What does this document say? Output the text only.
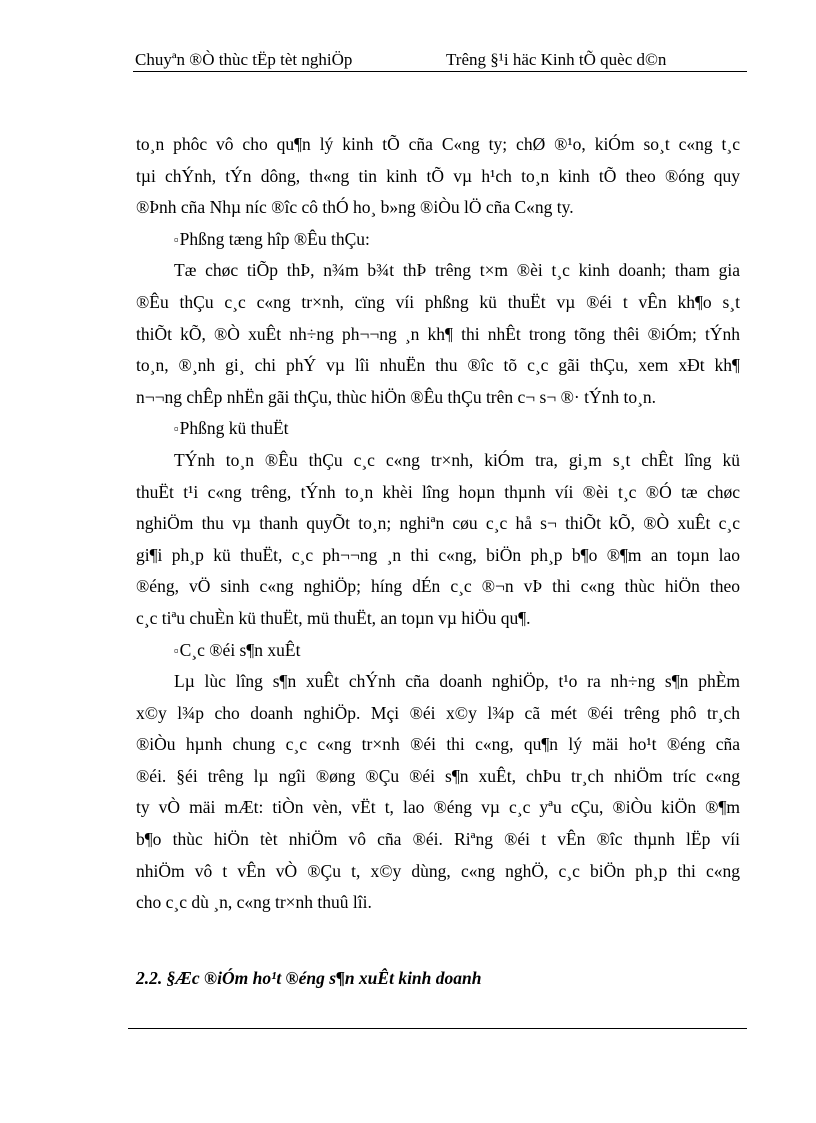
Chuyªn ®Ò thùc tËp tèt nghiÖp	Trêng §¹i häc Kinh tÕ quèc d©n
to¸n phôc vô cho qu¶n lý kinh tÕ cña C«ng ty; chØ ®¹o, kiÓm so¸t c«ng t¸c
tµi chÝnh, tÝn dông, th«ng tin kinh tÕ vµ h¹ch to¸n kinh tÕ theo ®óng quy
®Þnh cña Nhµ níc ®îc cô thÓ ho¸ b»ng ®iÒu lÖ cña C«ng ty.
▫Phßng tæng hîp ®Êu thÇu:
Tæ chøc tiÕp thÞ, n¾m b¾t thÞ trêng t×m ®èi t¸c kinh doanh; tham gia
®Êu thÇu c¸c c«ng tr×nh, cïng víi phßng kü thuËt vµ ®éi t vÊn kh¶o s¸t
thiÕt kÕ, ®Ò xuÊt nh÷ng ph¬¬ng ¸n kh¶ thi nhÊt trong tõng thêi ®iÓm; tÝnh
to¸n, ®¸nh gi¸ chi phÝ vµ lîi nhuËn thu ®îc tõ c¸c gãi thÇu, xem xÐt kh¶
n¬¬ng chÊp nhËn gãi thÇu, thùc hiÖn ®Êu thÇu trên c¬ s¬ ®· tÝnh to¸n.
▫Phßng kü thuËt
TÝnh to¸n ®Êu thÇu c¸c c«ng tr×nh, kiÓm tra, gi¸m s¸t chÊt lîng kü
thuËt t¹i c«ng trêng, tÝnh to¸n khèi lîng hoµn thµnh víi ®èi t¸c ®Ó tæ chøc
nghiÖm thu vµ thanh quyÕt to¸n; nghiªn cøu c¸c hå s¬ thiÕt kÕ, ®Ò xuÊt c¸c
gi¶i ph¸p kü thuËt, c¸c ph¬¬ng ¸n thi c«ng, biÖn ph¸p b¶o ®¶m an toµn lao
®éng, vÖ sinh c«ng nghiÖp; híng dÉn c¸c ®¬n vÞ thi c«ng thùc hiÖn theo
c¸c tiªu chuÈn kü thuËt, mü thuËt, an toµn vµ hiÖu qu¶.
▫C¸c ®éi s¶n xuÊt
Lµ lùc lîng s¶n xuÊt chÝnh cña doanh nghiÖp, t¹o ra nh÷ng s¶n phÈm
x©y l¾p cho doanh nghiÖp. Mçi ®éi x©y l¾p cã mét ®éi trêng phô tr¸ch
®iÒu hµnh chung c¸c c«ng tr×nh ®éi thi c«ng, qu¶n lý mäi ho¹t ®éng cña
®éi. §éi trêng lµ ngîi ®øng ®Çu ®éi s¶n xuÊt, chÞu tr¸ch nhiÖm tríc c«ng
ty vÒ mäi mÆt: tiÒn vèn, vËt t, lao ®éng vµ c¸c yªu cÇu, ®iÒu kiÖn ®¶m
b¶o thùc hiÖn tèt nhiÖm vô cña ®éi. Riªng ®éi t vÊn ®îc thµnh lËp víi
nhiÖm vô t vÊn vÒ ®Çu t, x©y dùng, c«ng nghÖ, c¸c biÖn ph¸p thi c«ng
cho c¸c dù ¸n, c«ng tr×nh thuû lîi.
2.2. §Æc ®iÓm ho¹t ®éng s¶n xuÊt kinh doanh
